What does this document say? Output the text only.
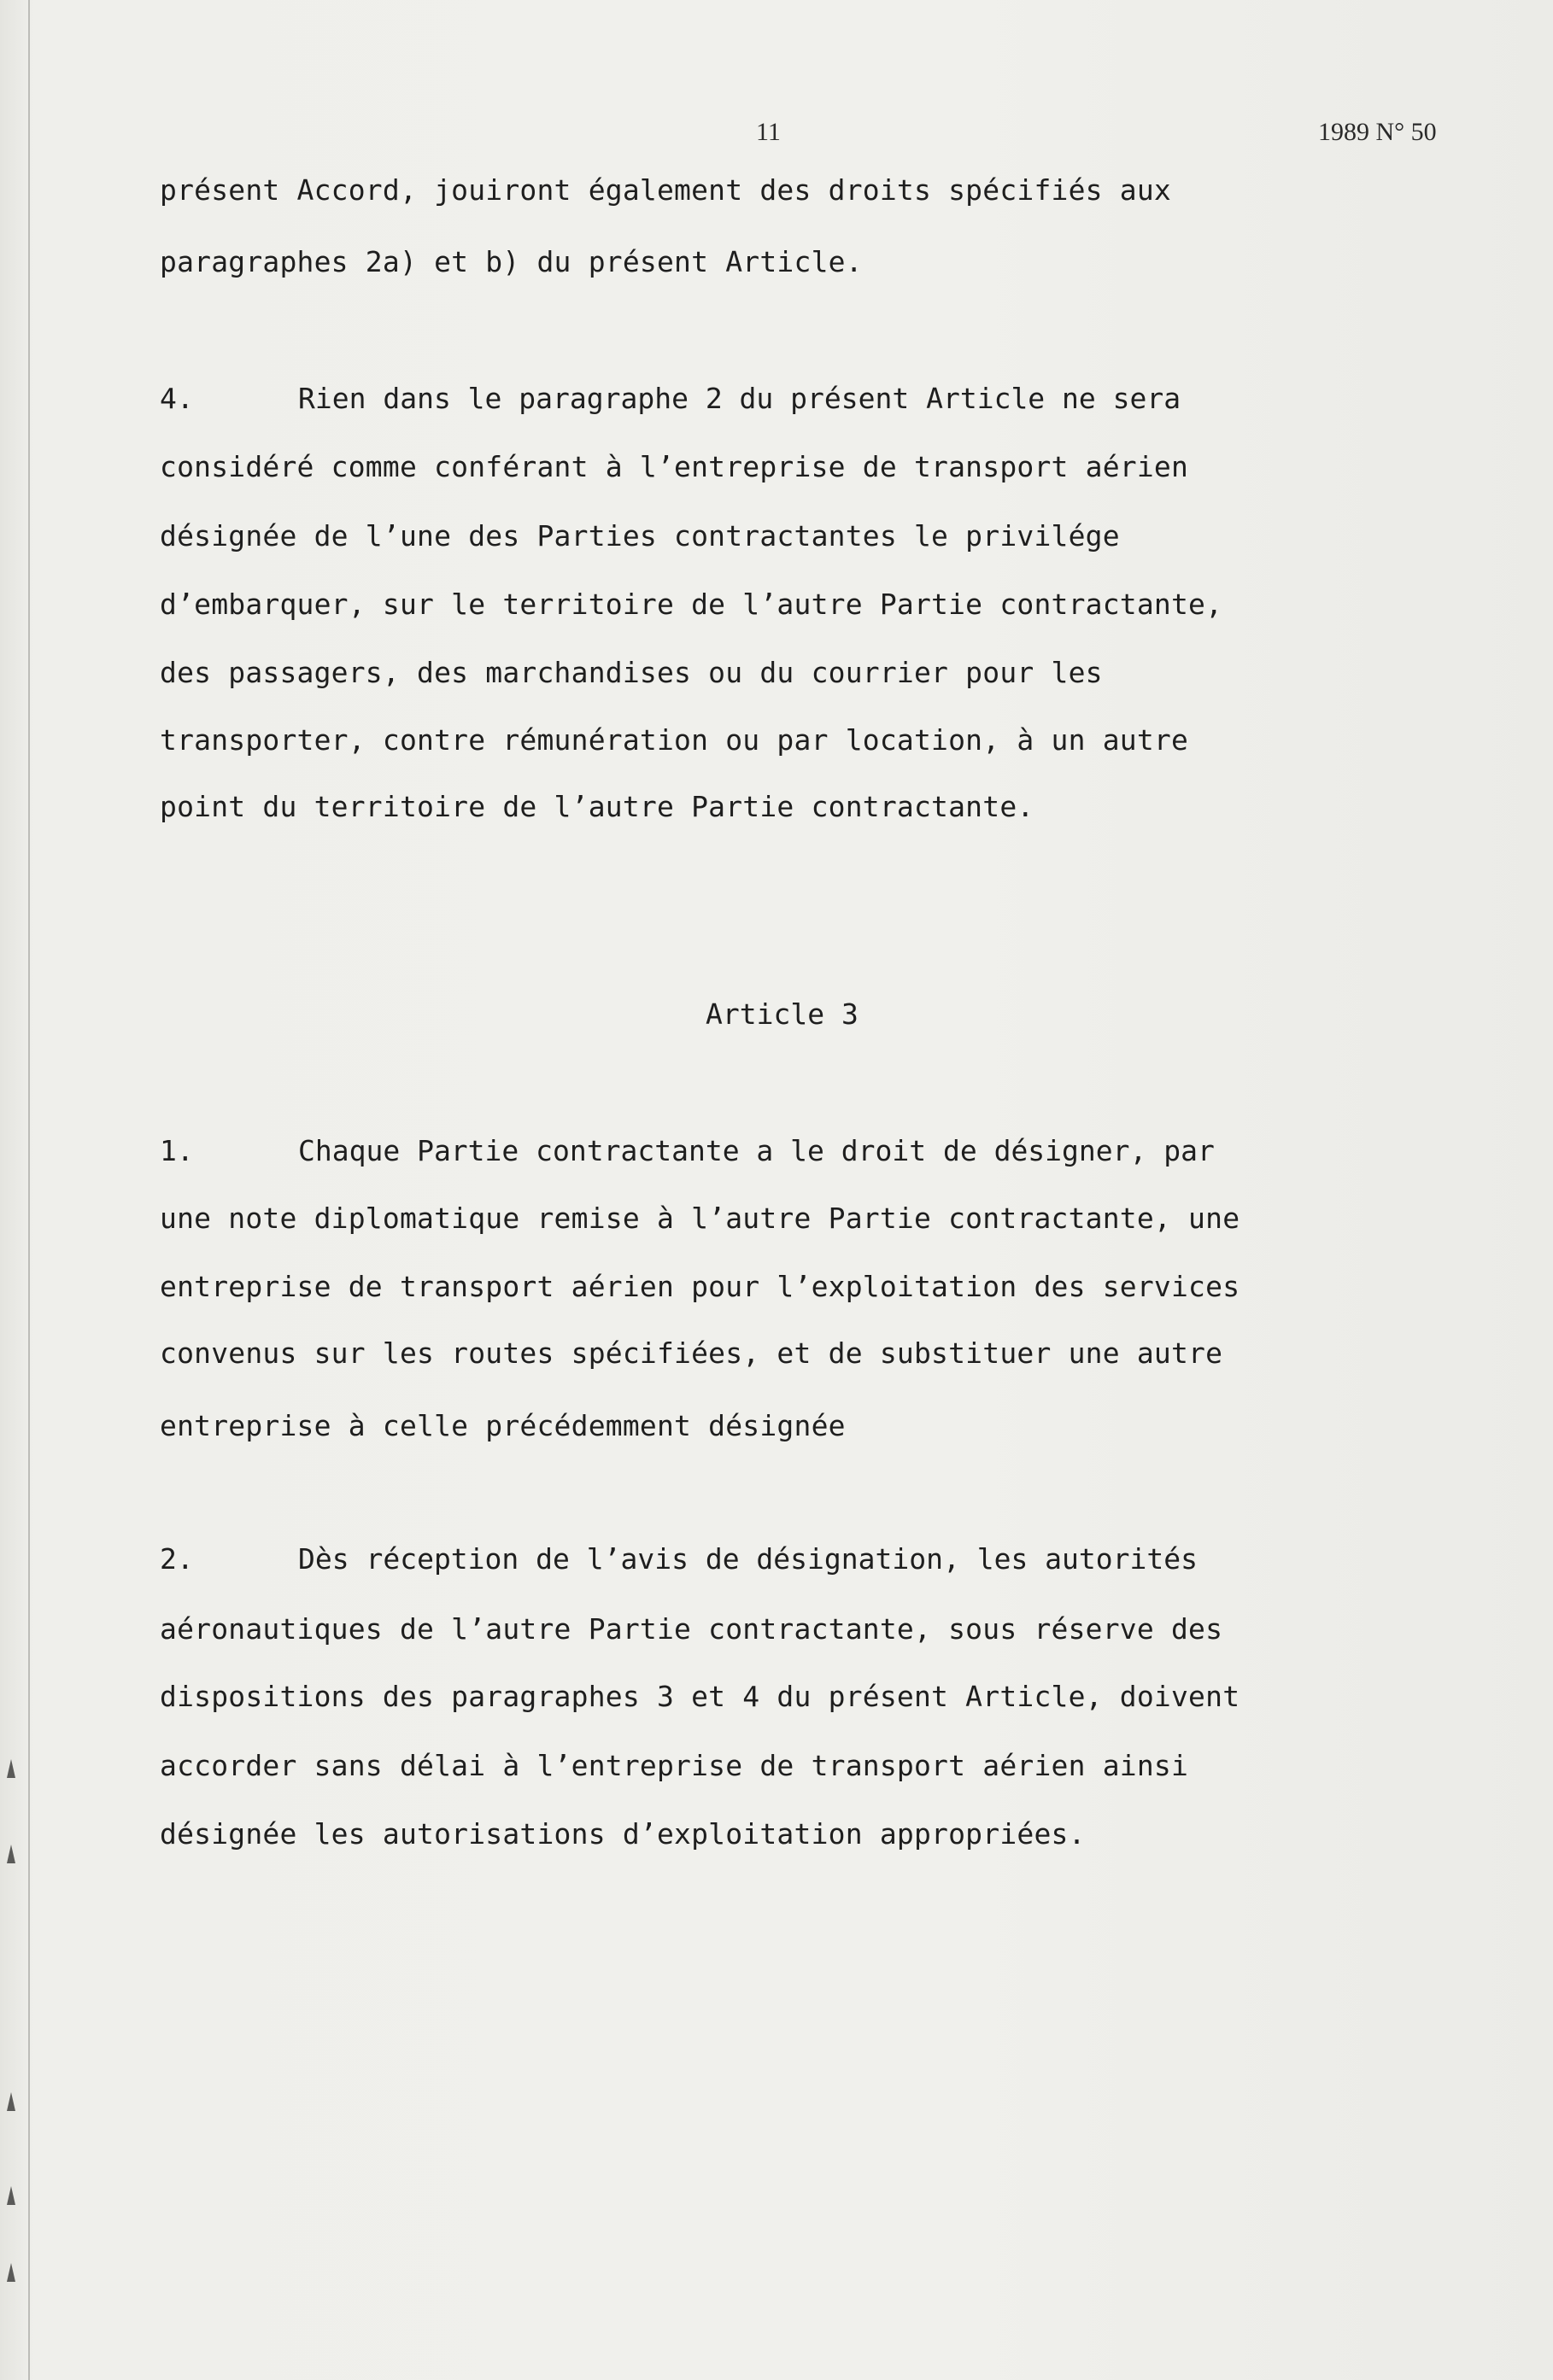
11	1989 N° 50
présent Accord, jouiront également des droits spécifiés aux
paragraphes 2a) et b) du présent Article.
4.	Rien dans le paragraphe 2 du présent Article ne sera
considéré comme conférant à l’entreprise de transport aérien
désignée de l’une des Parties contractantes le privilége
d’embarquer, sur le territoire de l’autre Partie contractante,
des passagers, des marchandises ou du courrier pour les
transporter, contre rémunération ou par location, à un autre
point du territoire de l’autre Partie contractante.
Article 3
1.	Chaque Partie contractante a le droit de désigner, par
une note diplomatique remise à l’autre Partie contractante, une
entreprise de transport aérien pour l’exploitation des services
convenus sur les routes spécifiées, et de substituer une autre
entreprise à celle précédemment désignée
2.	Dès réception de l’avis de désignation, les autorités
aéronautiques de l’autre Partie contractante, sous réserve des
dispositions des paragraphes 3 et 4 du présent Article, doivent
accorder sans délai à l’entreprise de transport aérien ainsi
désignée les autorisations d’exploitation appropriées.
